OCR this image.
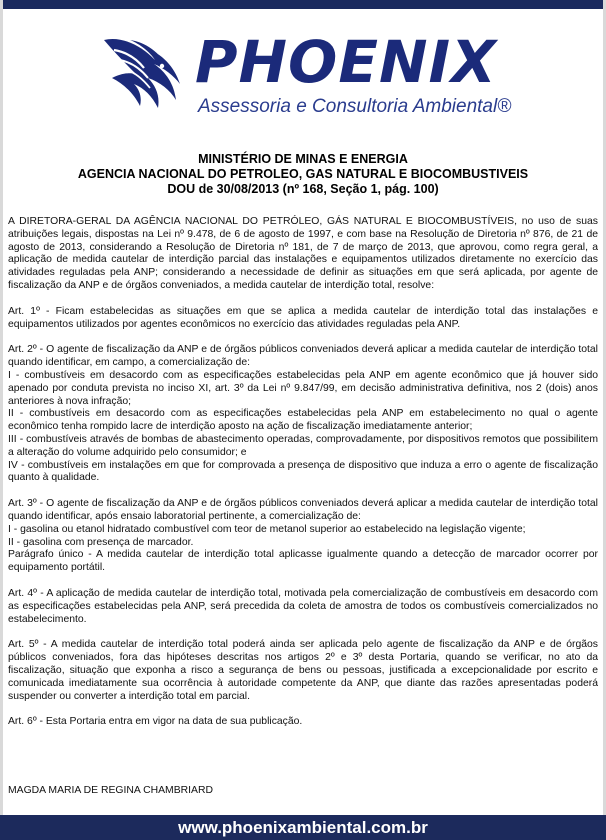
PHOENIX
Assessoria e Consultoria Ambiental®
MINISTÉRIO DE MINAS E ENERGIA
AGENCIA NACIONAL DO PETROLEO, GAS NATURAL E BIOCOMBUSTIVEIS
DOU de 30/08/2013 (nº 168, Seção 1, pág. 100)

A DIRETORA-GERAL DA AGÊNCIA NACIONAL DO PETRÓLEO, GÁS NATURAL E BIOCOMBUSTÍVEIS, no uso de suas atribuições legais, dispostas na Lei nº 9.478, de 6 de agosto de 1997, e com base na Resolução de Diretoria nº 876, de 21 de agosto de 2013, considerando a Resolução de Diretoria nº 181, de 7 de março de 2013, que aprovou, como regra geral, a aplicação de medida cautelar de interdição parcial das instalações e equipamentos utilizados diretamente no exercício das atividades reguladas pela ANP; considerando a necessidade de definir as situações em que será aplicada, por agente de fiscalização da ANP e de órgãos conveniados, a medida cautelar de interdição total, resolve:

Art. 1º - Ficam estabelecidas as situações em que se aplica a medida cautelar de interdição total das instalações e equipamentos utilizados por agentes econômicos no exercício das atividades reguladas pela ANP.

Art. 2º - O agente de fiscalização da ANP e de órgãos públicos conveniados deverá aplicar a medida cautelar de interdição total quando identificar, em campo, a comercialização de:
I - combustíveis em desacordo com as especificações estabelecidas pela ANP em agente econômico que já houver sido apenado por conduta prevista no inciso XI, art. 3º da Lei nº 9.847/99, em decisão administrativa definitiva, nos 2 (dois) anos anteriores à nova infração;
II - combustíveis em desacordo com as especificações estabelecidas pela ANP em estabelecimento no qual o agente econômico tenha rompido lacre de interdição aposto na ação de fiscalização imediatamente anterior;
III - combustíveis através de bombas de abastecimento operadas, comprovadamente, por dispositivos remotos que possibilitem a alteração do volume adquirido pelo consumidor; e
IV - combustíveis em instalações em que for comprovada a presença de dispositivo que induza a erro o agente de fiscalização quanto à qualidade.

Art. 3º - O agente de fiscalização da ANP e de órgãos públicos conveniados deverá aplicar a medida cautelar de interdição total quando identificar, após ensaio laboratorial pertinente, a comercialização de:
I - gasolina ou etanol hidratado combustível com teor de metanol superior ao estabelecido na legislação vigente;
II - gasolina com presença de marcador.
Parágrafo único - A medida cautelar de interdição total aplicasse igualmente quando a detecção de marcador ocorrer por equipamento portátil.

Art. 4º - A aplicação de medida cautelar de interdição total, motivada pela comercialização de combustíveis em desacordo com as especificações estabelecidas pela ANP, será precedida da coleta de amostra de todos os combustíveis comercializados no estabelecimento.

Art. 5º - A medida cautelar de interdição total poderá ainda ser aplicada pelo agente de fiscalização da ANP e de órgãos públicos conveniados, fora das hipóteses descritas nos artigos 2º e 3º desta Portaria, quando se verificar, no ato da fiscalização, situação que exponha a risco a segurança de bens ou pessoas, justificada a excepcionalidade por escrito e comunicada imediatamente sua ocorrência à autoridade competente da ANP, que diante das razões apresentadas poderá suspender ou converter a interdição total em parcial.

Art. 6º - Esta Portaria entra em vigor na data de sua publicação.

MAGDA MARIA DE REGINA CHAMBRIARD
www.phoenixambiental.com.br
